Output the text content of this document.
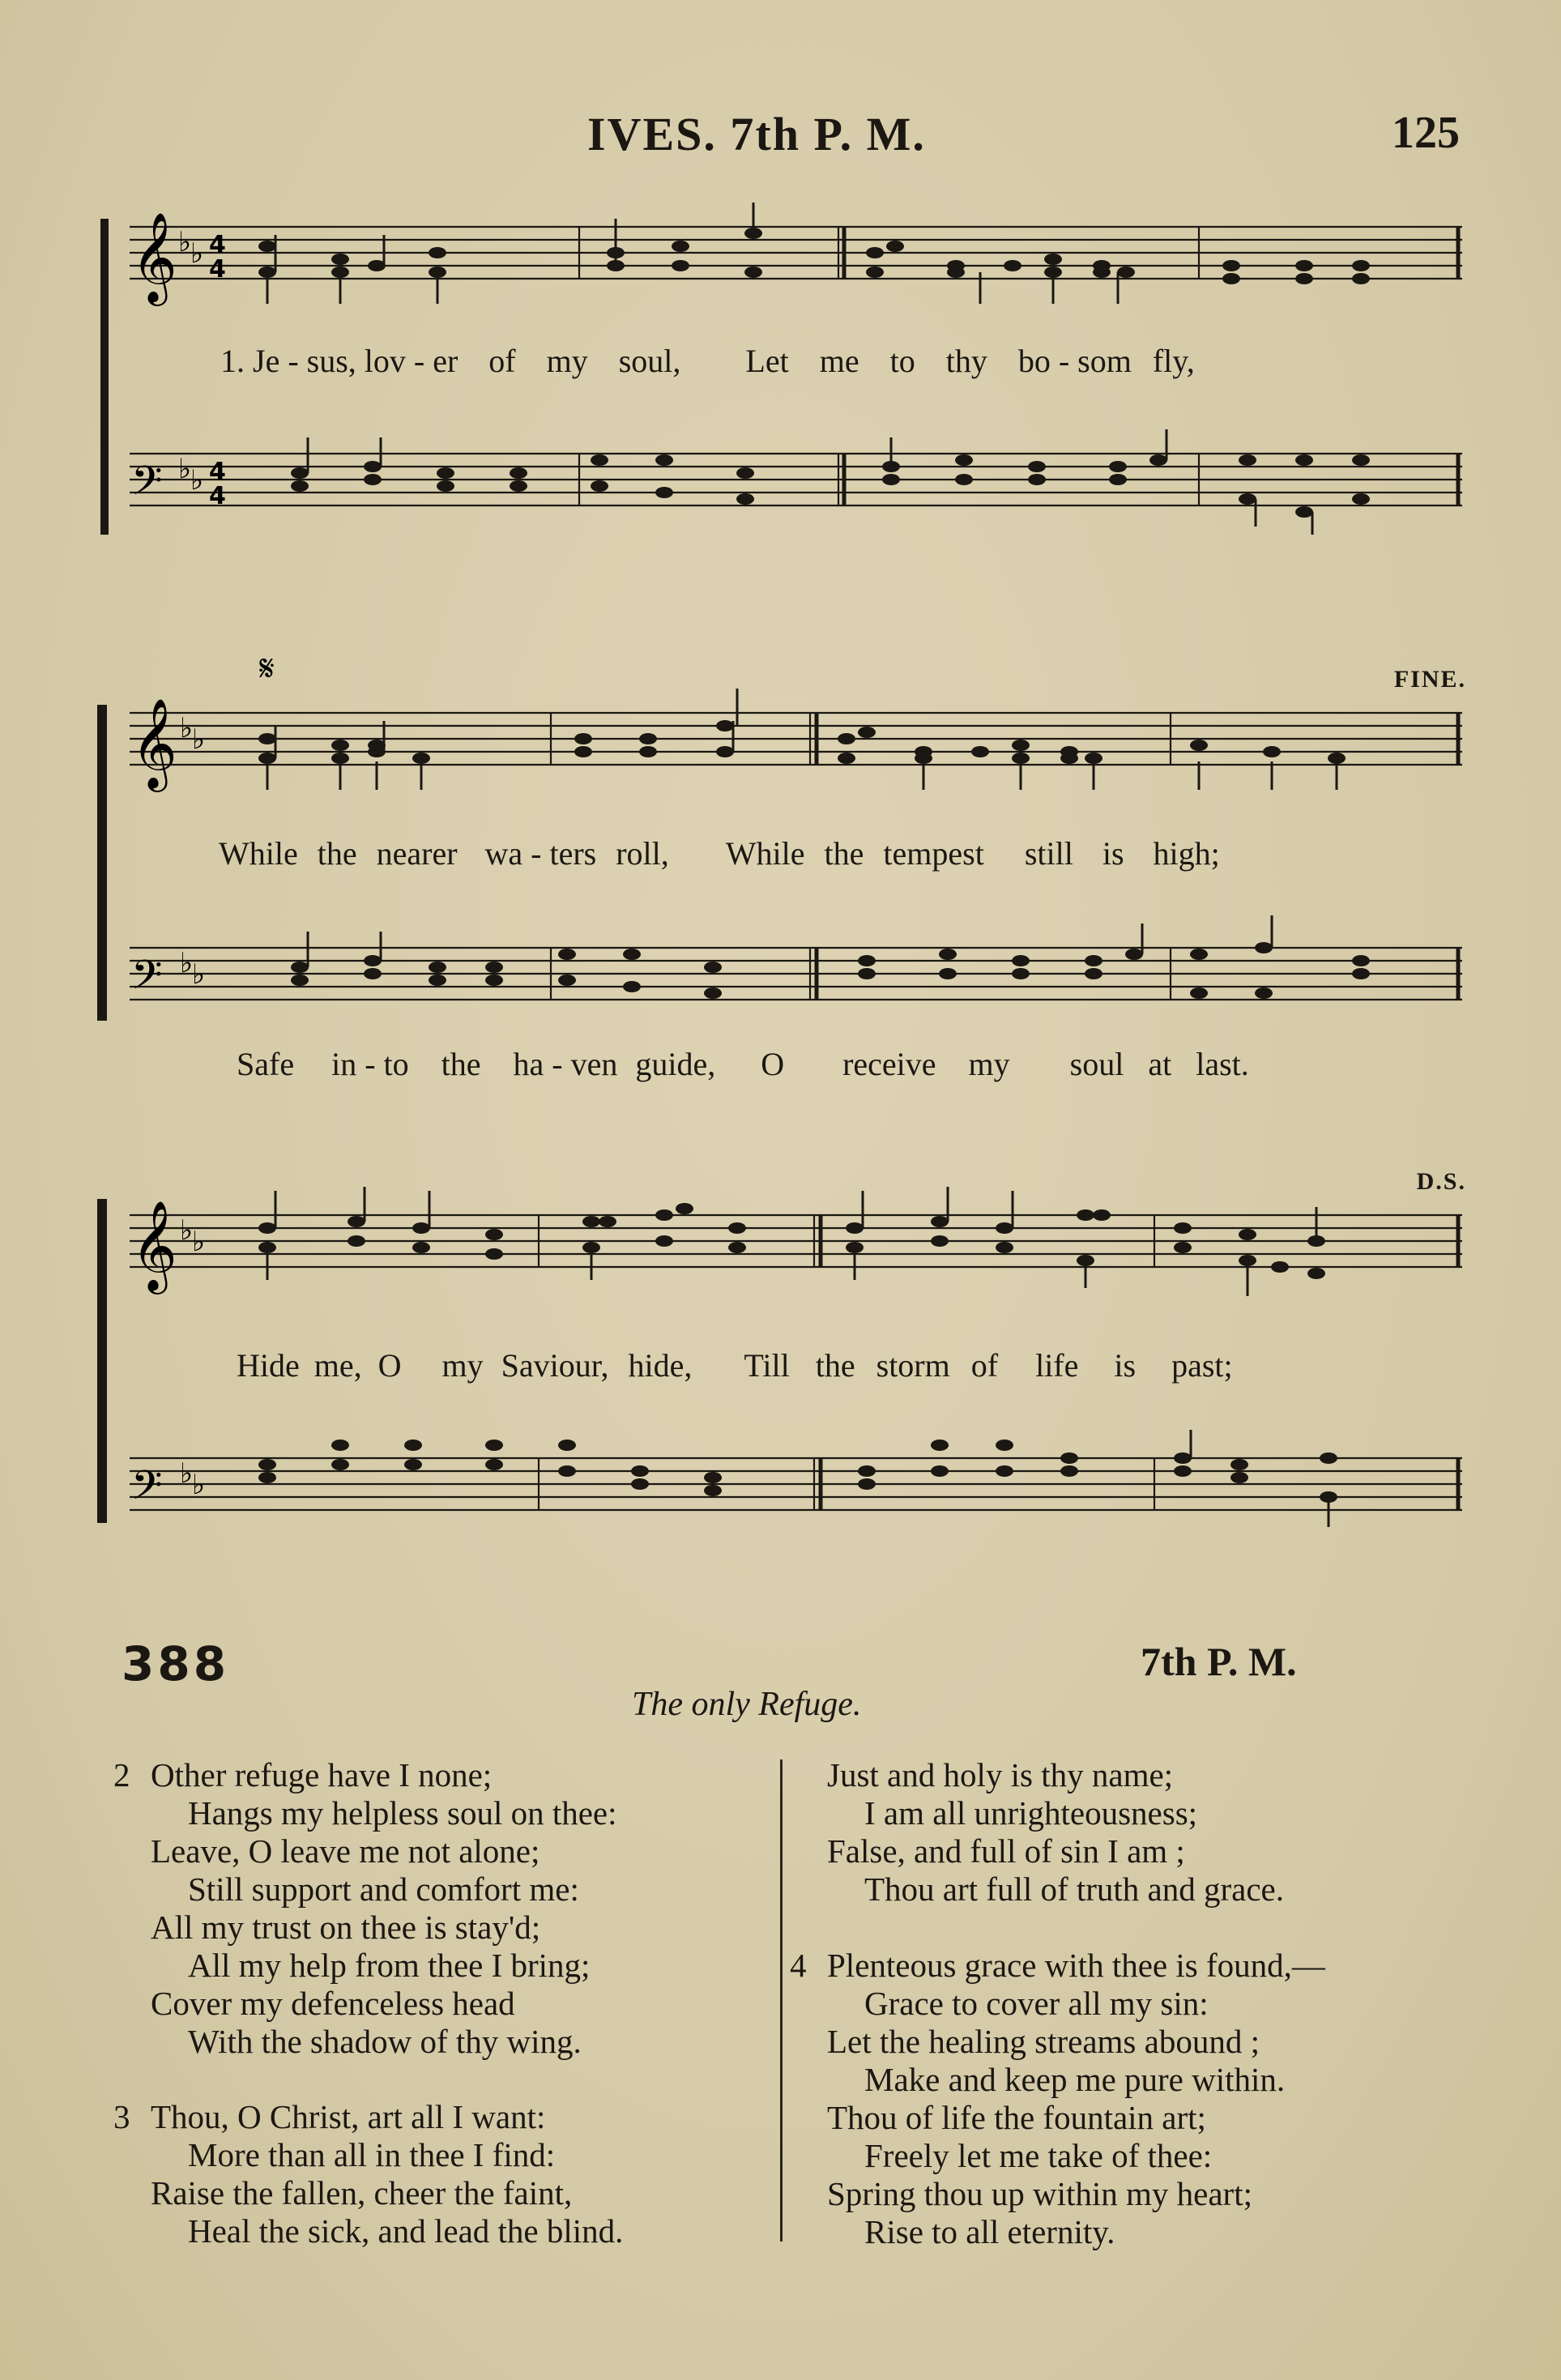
IVES. 7th P. M.	125
𝄞
𝄢
♭
♭ 4
4
♭
♭ 4
4
1. Je - sus, lov - er of my soul, Let me to thy bo - som fly,
𝄋
𝄞
𝄢
♭
♭
♭
♭
FINE.
While the nearer wa - ters roll, While the tempest still is high;
Safe in - to the ha - ven guide, O receive my soul at last.
𝄞
𝄢
♭
♭
♭
♭
D.S.
Hide me, O my Saviour, hide, Till the storm of life is past;
388	7th P. M.
The only Refuge.
2 Other refuge have I none;
Hangs my helpless soul on thee:
Leave, O leave me not alone;
Still support and comfort me:
All my trust on thee is stay'd;
All my help from thee I bring;
Cover my defenceless head
With the shadow of thy wing.
3 Thou, O Christ, art all I want:
More than all in thee I find:
Raise the fallen, cheer the faint,
Heal the sick, and lead the blind.
Just and holy is thy name;
I am all unrighteousness;
False, and full of sin I am ;
Thou art full of truth and grace.
4 Plenteous grace with thee is found,—
Grace to cover all my sin:
Let the healing streams abound ;
Make and keep me pure within.
Thou of life the fountain art;
Freely let me take of thee:
Spring thou up within my heart;
Rise to all eternity.
